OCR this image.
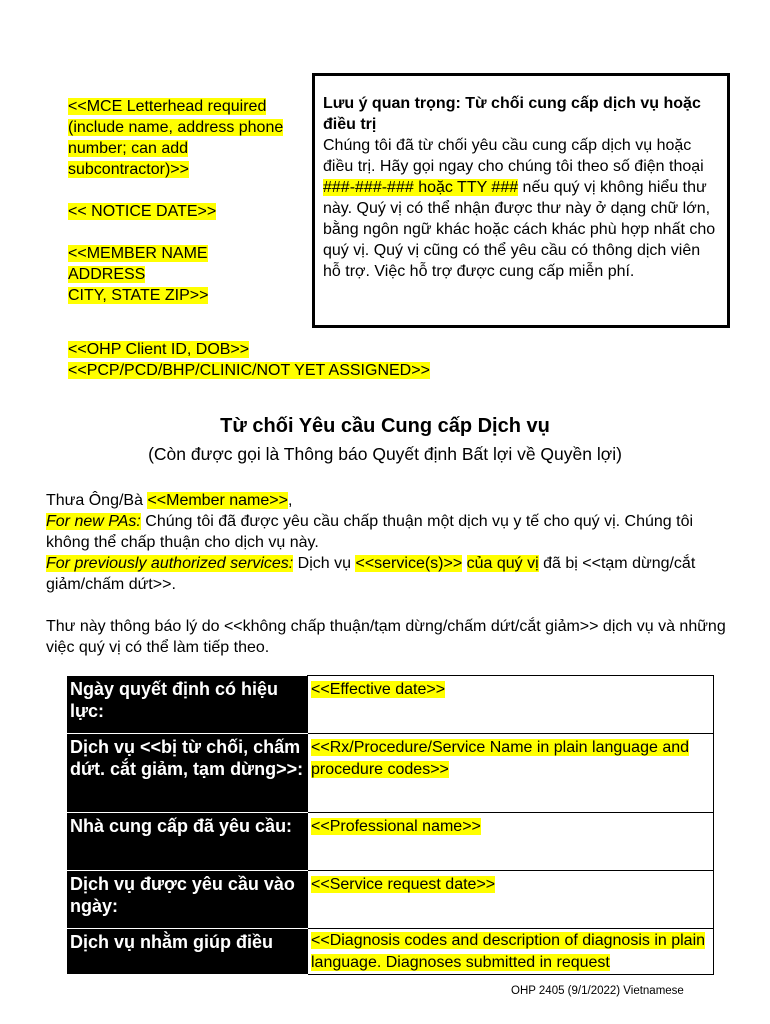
<<MCE Letterhead required (include name, address phone number; can add subcontractor)>>

<< NOTICE DATE>>

<<MEMBER NAME
ADDRESS
CITY, STATE ZIP>>

Lưu ý quan trọng: Từ chối cung cấp dịch vụ hoặc điều trị
Chúng tôi đã từ chối yêu cầu cung cấp dịch vụ hoặc điều trị. Hãy gọi ngay cho chúng tôi theo số điện thoại
###-###-### hoặc TTY ### nếu quý vị không hiểu thư này. Quý vị có thể nhận được thư này ở dạng chữ lớn, bằng ngôn ngữ khác hoặc cách khác phù hợp nhất cho quý vị. Quý vị cũng có thể yêu cầu có thông dịch viên hỗ trợ. Việc hỗ trợ được cung cấp miễn phí.
<<OHP Client ID, DOB>>
<<PCP/PCD/BHP/CLINIC/NOT YET ASSIGNED>>
Từ chối Yêu cầu Cung cấp Dịch vụ
(Còn được gọi là Thông báo Quyết định Bất lợi về Quyền lợi)

Thưa Ông/Bà <<Member name>>,

For new PAs: Chúng tôi đã được yêu cầu chấp thuận một dịch vụ y tế cho quý vị. Chúng tôi không thể chấp thuận cho dịch vụ này.

For previously authorized services: Dịch vụ <<service(s)>> của quý vị đã bị <<tạm dừng/cắt giảm/chấm dứt>>.

Thư này thông báo lý do <<không chấp thuận/tạm dừng/chấm dứt/cắt giảm>> dịch vụ và những việc quý vị có thể làm tiếp theo.

Ngày quyết định có hiệu lực:	<<Effective date>>
Dịch vụ <<bị từ chối, chấm dứt. cắt giảm, tạm dừng>>:	<<Rx/Procedure/Service Name in plain language and procedure codes>>
Nhà cung cấp đã yêu cầu:	<<Professional name>>
Dịch vụ được yêu cầu vào ngày:	<<Service request date>>
Dịch vụ nhằm giúp điều	<<Diagnosis codes and description of diagnosis in plain language. Diagnoses submitted in request
OHP 2405 (9/1/2022) Vietnamese
